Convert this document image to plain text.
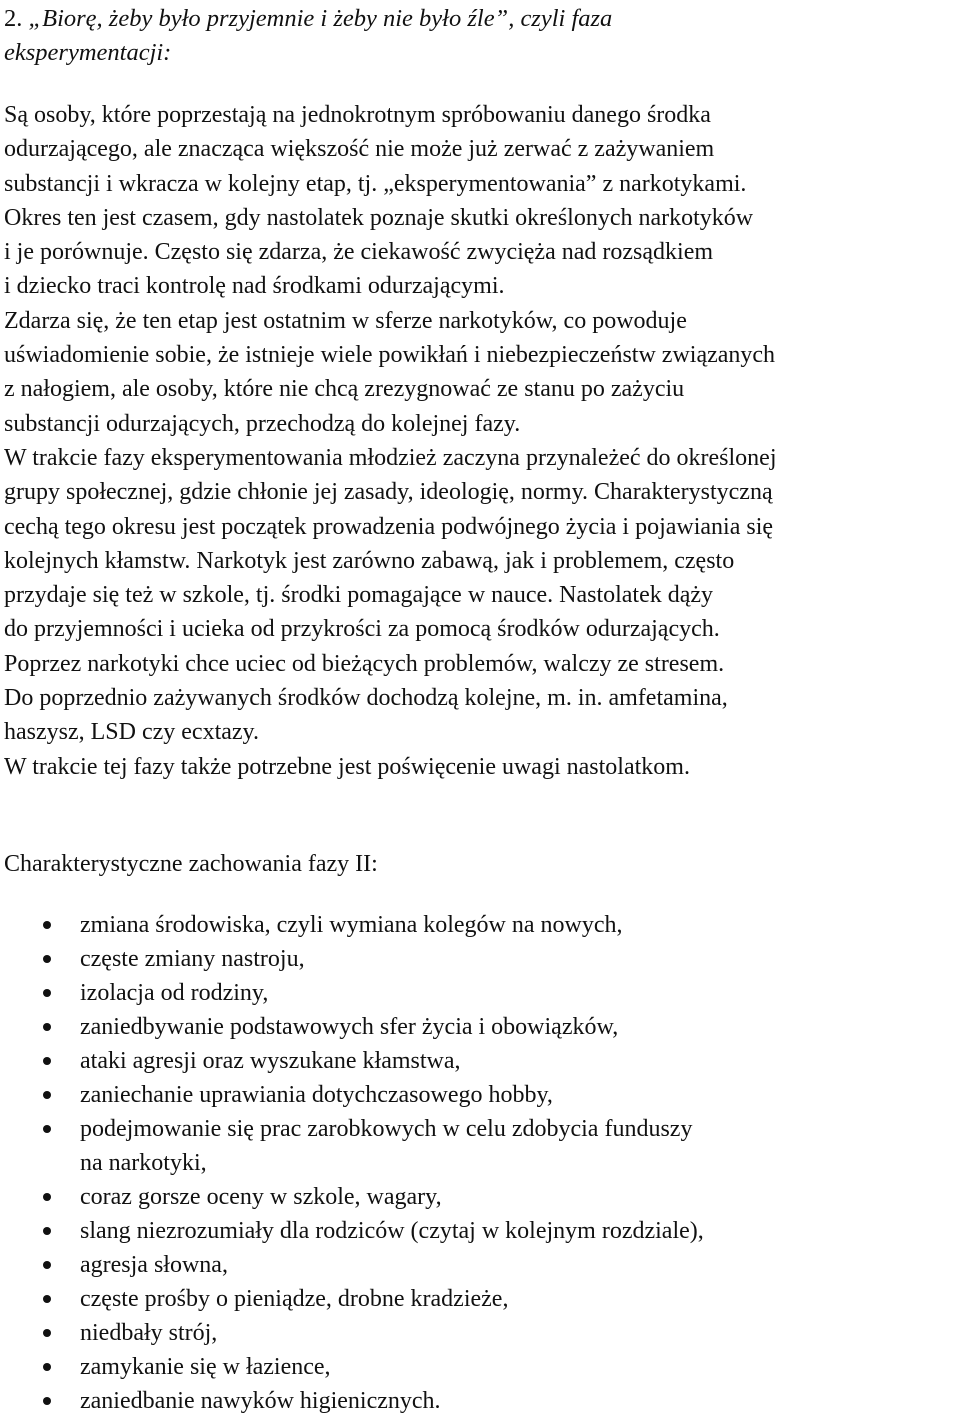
2. „Biorę, żeby było przyjemnie i żeby nie było źle”, czyli faza
eksperymentacji:

Są osoby, które poprzestają na jednokrotnym spróbowaniu danego środka
odurzającego, ale znacząca większość nie może już zerwać z zażywaniem
substancji i wkracza w kolejny etap, tj. „eksperymentowania” z narkotykami.
Okres ten jest czasem, gdy nastolatek poznaje skutki określonych narkotyków
i je porównuje. Często się zdarza, że ciekawość zwycięża nad rozsądkiem
i dziecko traci kontrolę nad środkami odurzającymi.
Zdarza się, że ten etap jest ostatnim w sferze narkotyków, co powoduje
uświadomienie sobie, że istnieje wiele powikłań i niebezpieczeństw związanych
z nałogiem, ale osoby, które nie chcą zrezygnować ze stanu po zażyciu
substancji odurzających, przechodzą do kolejnej fazy.
W trakcie fazy eksperymentowania młodzież zaczyna przynależeć do określonej
grupy społecznej, gdzie chłonie jej zasady, ideologię, normy. Charakterystyczną
cechą tego okresu jest początek prowadzenia podwójnego życia i pojawiania się
kolejnych kłamstw. Narkotyk jest zarówno zabawą, jak i problemem, często
przydaje się też w szkole, tj. środki pomagające w nauce. Nastolatek dąży
do przyjemności i ucieka od przykrości za pomocą środków odurzających.
Poprzez narkotyki chce uciec od bieżących problemów, walczy ze stresem.
Do poprzednio zażywanych środków dochodzą kolejne, m. in. amfetamina,
haszysz, LSD czy ecxtazy.
W trakcie tej fazy także potrzebne jest poświęcenie uwagi nastolatkom.

Charakterystyczne zachowania fazy II:

zmiana środowiska, czyli wymiana kolegów na nowych,
częste zmiany nastroju,
izolacja od rodziny,
zaniedbywanie podstawowych sfer życia i obowiązków,
ataki agresji oraz wyszukane kłamstwa,
zaniechanie uprawiania dotychczasowego hobby,
podejmowanie się prac zarobkowych w celu zdobycia funduszy
na narkotyki,
coraz gorsze oceny w szkole, wagary,
slang niezrozumiały dla rodziców (czytaj w kolejnym rozdziale),
agresja słowna,
częste prośby o pieniądze, drobne kradzieże,
niedbały strój,
zamykanie się w łazience,
zaniedbanie nawyków higienicznych.
